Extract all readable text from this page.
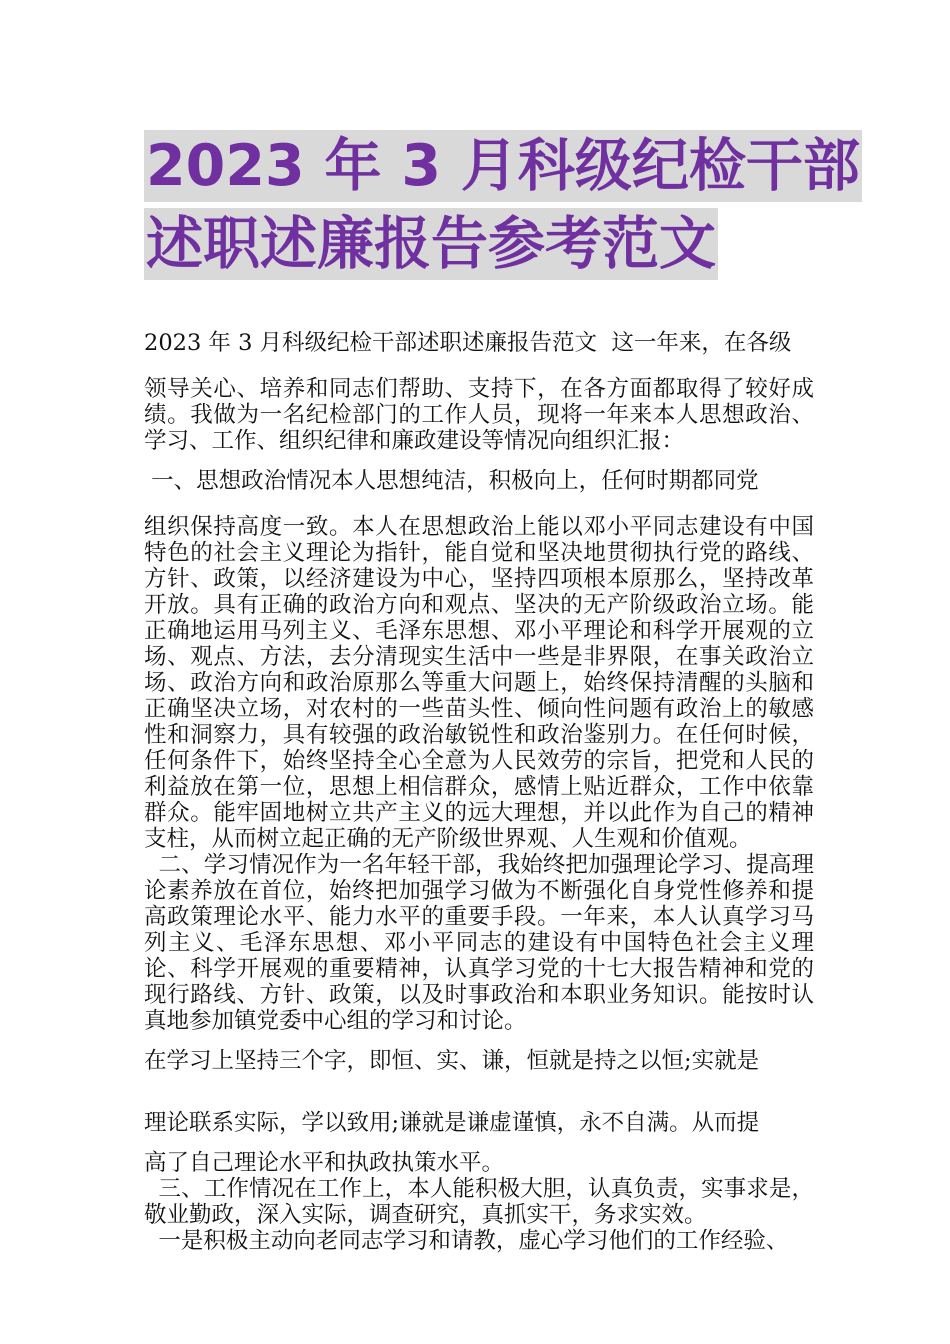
2023 年 3 月科级纪检干部
述职述廉报告参考范文

2023 年 3 月科级纪检干部述职述廉报告范文  这一年来，在各级

领导关心、培养和同志们帮助、支持下，在各方面都取得了较好成绩。我做为一名纪检部门的工作人员，现将一年来本人思想政治、学习、工作、组织纪律和廉政建设等情况向组织汇报：

一、思想政治情况本人思想纯洁，积极向上，任何时期都同党

组织保持高度一致。本人在思想政治上能以邓小平同志建设有中国特色的社会主义理论为指针，能自觉和坚决地贯彻执行党的路线、方针、政策，以经济建设为中心，坚持四项根本原那么，坚持改革开放。具有正确的政治方向和观点、坚决的无产阶级政治立场。能正确地运用马列主义、毛泽东思想、邓小平理论和科学开展观的立场、观点、方法，去分清现实生活中一些是非界限，在事关政治立场、政治方向和政治原那么等重大问题上，始终保持清醒的头脑和正确坚决立场，对农村的一些苗头性、倾向性问题有政治上的敏感性和洞察力，具有较强的政治敏锐性和政治鉴别力。在任何时候，任何条件下，始终坚持全心全意为人民效劳的宗旨，把党和人民的利益放在第一位，思想上相信群众，感情上贴近群众，工作中依靠群众。能牢固地树立共产主义的远大理想，并以此作为自己的精神支柱，从而树立起正确的无产阶级世界观、人生观和价值观。

二、学习情况作为一名年轻干部，我始终把加强理论学习、提高理论素养放在首位，始终把加强学习做为不断强化自身党性修养和提高政策理论水平、能力水平的重要手段。一年来，本人认真学习马列主义、毛泽东思想、邓小平同志的建设有中国特色社会主义理论、科学开展观的重要精神，认真学习党的十七大报告精神和党的现行路线、方针、政策，以及时事政治和本职业务知识。能按时认真地参加镇党委中心组的学习和讨论。

在学习上坚持三个字，即恒、实、谦，恒就是持之以恒;实就是

理论联系实际，学以致用;谦就是谦虚谨慎，永不自满。从而提

高了自己理论水平和执政执策水平。

三、工作情况在工作上，本人能积极大胆，认真负责，实事求是，敬业勤政，深入实际，调查研究，真抓实干，务求实效。

一是积极主动向老同志学习和请教，虚心学习他们的工作经验、
